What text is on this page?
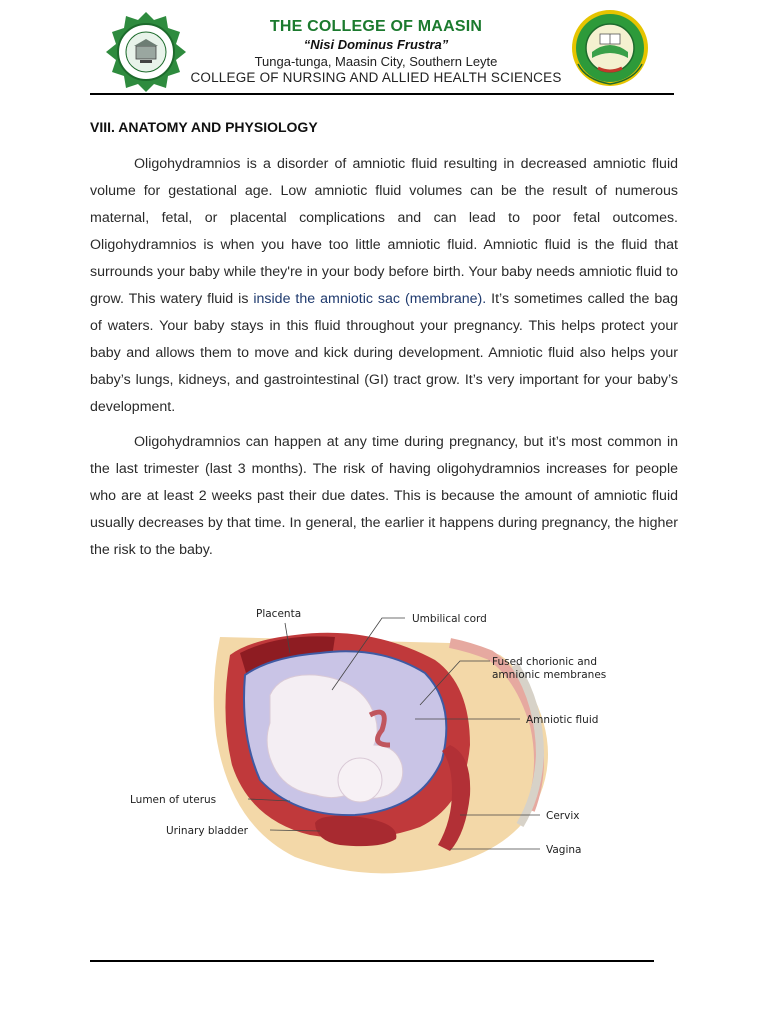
THE COLLEGE OF MAASIN
“Nisi Dominus Frustra”
Tunga-tunga, Maasin City, Southern Leyte
COLLEGE OF NURSING AND ALLIED HEALTH SCIENCES
VIII. ANATOMY AND PHYSIOLOGY

Oligohydramnios is a disorder of amniotic fluid resulting in decreased amniotic fluid volume for gestational age. Low amniotic fluid volumes can be the result of numerous maternal, fetal, or placental complications and can lead to poor fetal outcomes. Oligohydramnios is when you have too little amniotic fluid. Amniotic fluid is the fluid that surrounds your baby while they're in your body before birth. Your baby needs amniotic fluid to grow. This watery fluid is inside the amniotic sac (membrane). It’s sometimes called the bag of waters. Your baby stays in this fluid throughout your pregnancy. This helps protect your baby and allows them to move and kick during development. Amniotic fluid also helps your baby’s lungs, kidneys, and gastrointestinal (GI) tract grow. It’s very important for your baby’s development.

Oligohydramnios can happen at any time during pregnancy, but it’s most common in the last trimester (last 3 months). The risk of having oligohydramnios increases for people who are at least 2 weeks past their due dates. This is because the amount of amniotic fluid usually decreases by that time. In general, the earlier it happens during pregnancy, the higher the risk to the baby.

Placenta	Umbilical cord
Fused chorionic and
amnionic membranes
Amniotic fluid
Lumen of uterus
Cervix
Urinary bladder
Vagina
